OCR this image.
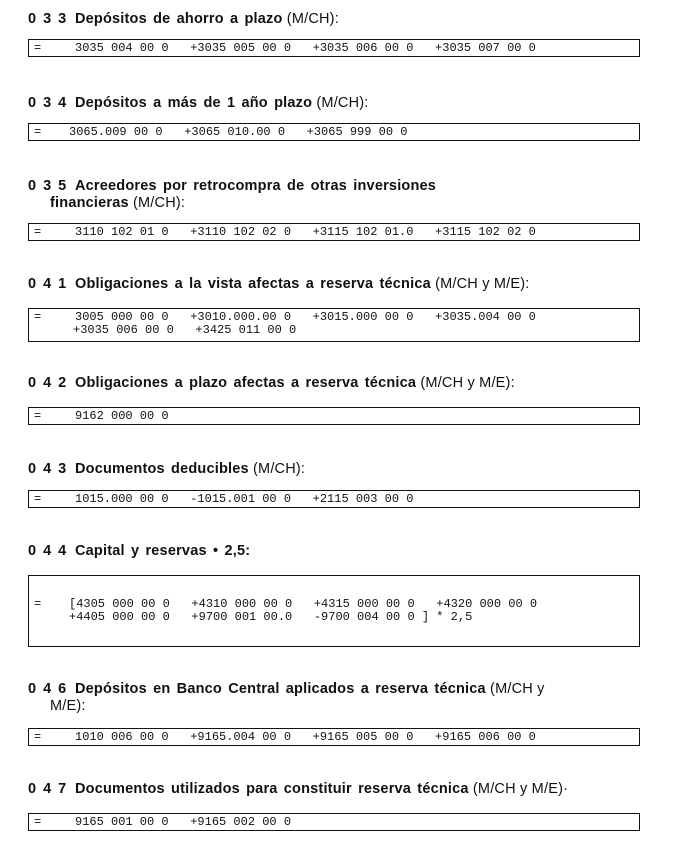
0 3 3 Depósitos de ahorro a plazo (M/CH):
=	3035 004 00 0   +3035 005 00 0   +3035 006 00 0   +3035 007 00 0
0 3 4 Depósitos a más de 1 año plazo (M/CH):
= 3065.009 00 0   +3065 010.00 0   +3065 999 00 0
0 3 5 Acreedores por retrocompra de otras inversiones
financieras (M/CH):
=	3110 102 01 0   +3110 102 02 0   +3115 102 01.0   +3115 102 02 0
0 4 1 Obligaciones a la vista afectas a reserva técnica (M/CH y M/E):
=	3005 000 00 0   +3010.000.00 0   +3015.000 00 0   +3035.004 00 0
+3035 006 00 0   +3425 011 00 0
0 4 2 Obligaciones a plazo afectas a reserva técnica (M/CH y M/E):
=	9162 000 00 0
0 4 3 Documentos deducibles (M/CH):
=	1015.000 00 0   -1015.001 00 0   +2115 003 00 0
0 4 4 Capital y reservas • 2,5:
= [4305 000 00 0   +4310 000 00 0   +4315 000 00 0   +4320 000 00 0
+4405 000 00 0   +9700 001 00.0   -9700 004 00 0 ] * 2,5
0 4 6 Depósitos en Banco Central aplicados a reserva técnica (M/CH y
M/E):
=	1010 006 00 0   +9165.004 00 0   +9165 005 00 0   +9165 006 00 0
0 4 7 Documentos utilizados para constituir reserva técnica (M/CH y M/E)·
=	9165 001 00 0   +9165 002 00 0
